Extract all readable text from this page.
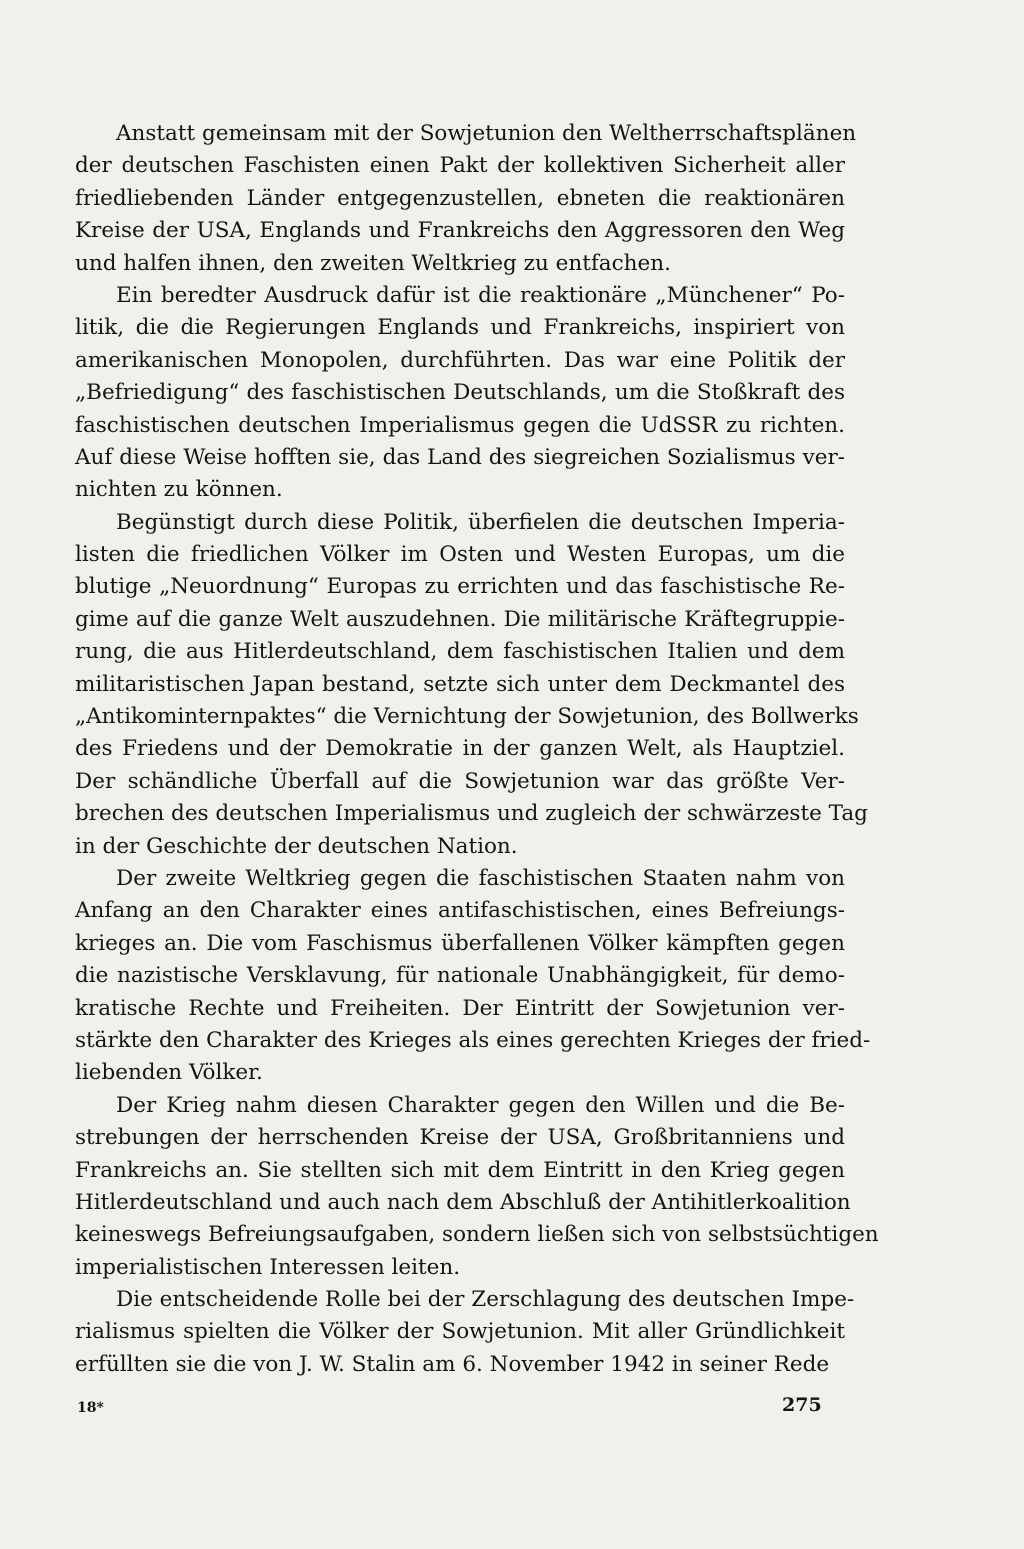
Anstatt gemeinsam mit der Sowjetunion den Weltherrschaftsplänen
der deutschen Faschisten einen Pakt der kollektiven Sicherheit aller
friedliebenden Länder entgegenzustellen, ebneten die reaktionären
Kreise der USA, Englands und Frankreichs den Aggressoren den Weg
und halfen ihnen, den zweiten Weltkrieg zu entfachen.
Ein beredter Ausdruck dafür ist die reaktionäre „Münchener“ Po-
litik, die die Regierungen Englands und Frankreichs, inspiriert von
amerikanischen Monopolen, durchführten. Das war eine Politik der
„Befriedigung“ des faschistischen Deutschlands, um die Stoßkraft des
faschistischen deutschen Imperialismus gegen die UdSSR zu richten.
Auf diese Weise hofften sie, das Land des siegreichen Sozialismus ver-
nichten zu können.
Begünstigt durch diese Politik, überfielen die deutschen Imperia-
listen die friedlichen Völker im Osten und Westen Europas, um die
blutige „Neuordnung“ Europas zu errichten und das faschistische Re-
gime auf die ganze Welt auszudehnen. Die militärische Kräftegruppie-
rung, die aus Hitlerdeutschland, dem faschistischen Italien und dem
militaristischen Japan bestand, setzte sich unter dem Deckmantel des
„Antikominternpaktes“ die Vernichtung der Sowjetunion, des Bollwerks
des Friedens und der Demokratie in der ganzen Welt, als Hauptziel.
Der schändliche Überfall auf die Sowjetunion war das größte Ver-
brechen des deutschen Imperialismus und zugleich der schwärzeste Tag
in der Geschichte der deutschen Nation.
Der zweite Weltkrieg gegen die faschistischen Staaten nahm von
Anfang an den Charakter eines antifaschistischen, eines Befreiungs-
krieges an. Die vom Faschismus überfallenen Völker kämpften gegen
die nazistische Versklavung, für nationale Unabhängigkeit, für demo-
kratische Rechte und Freiheiten. Der Eintritt der Sowjetunion ver-
stärkte den Charakter des Krieges als eines gerechten Krieges der fried-
liebenden Völker.
Der Krieg nahm diesen Charakter gegen den Willen und die Be-
strebungen der herrschenden Kreise der USA, Großbritanniens und
Frankreichs an. Sie stellten sich mit dem Eintritt in den Krieg gegen
Hitlerdeutschland und auch nach dem Abschluß der Antihitlerkoalition
keineswegs Befreiungsaufgaben, sondern ließen sich von selbstsüchtigen
imperialistischen Interessen leiten.
Die entscheidende Rolle bei der Zerschlagung des deutschen Impe-
rialismus spielten die Völker der Sowjetunion. Mit aller Gründlichkeit
erfüllten sie die von J. W. Stalin am 6. November 1942 in seiner Rede
18*	275
